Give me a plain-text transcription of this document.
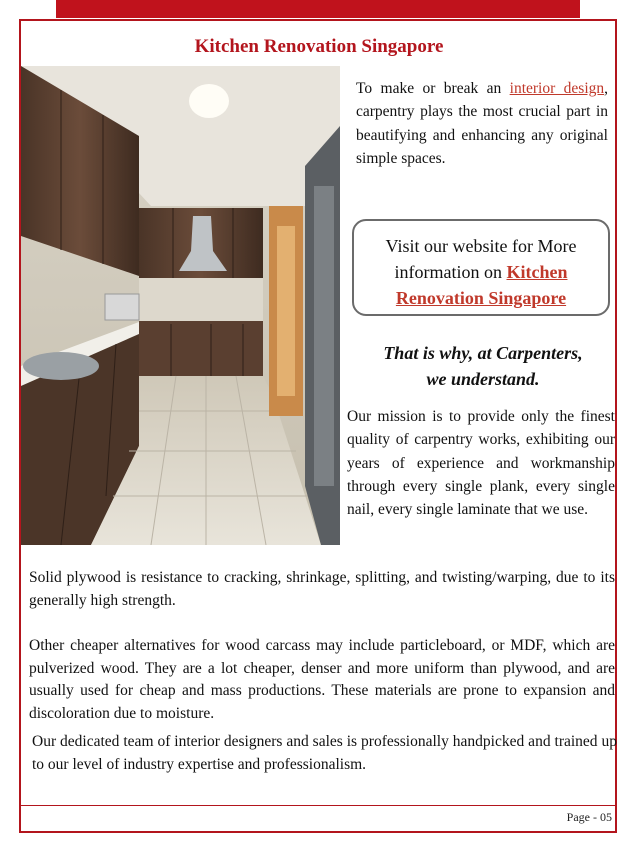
Kitchen Renovation Singapore
To make or break an interior design, carpentry plays the most crucial part in beautifying and enhancing any original simple spaces.
Visit our website for More information on Kitchen Renovation Singapore
That is why, at Carpenters,
we understand.
Our mission is to provide only the finest quality of carpentry works, exhibiting our years of experience and workmanship through every single plank, every single nail, every single laminate that we use.
Solid plywood is resistance to cracking, shrinkage, splitting, and twisting/warping, due to its generally high strength.
Other cheaper alternatives for wood carcass may include particleboard, or MDF, which are pulverized wood. They are a lot cheaper, denser and more uniform than plywood, and are usually used for cheap and mass productions. These materials are prone to expansion and discoloration due to moisture.
Our dedicated team of interior designers and sales is professionally handpicked and trained up to our level of industry expertise and professionalism.
Page - 05
